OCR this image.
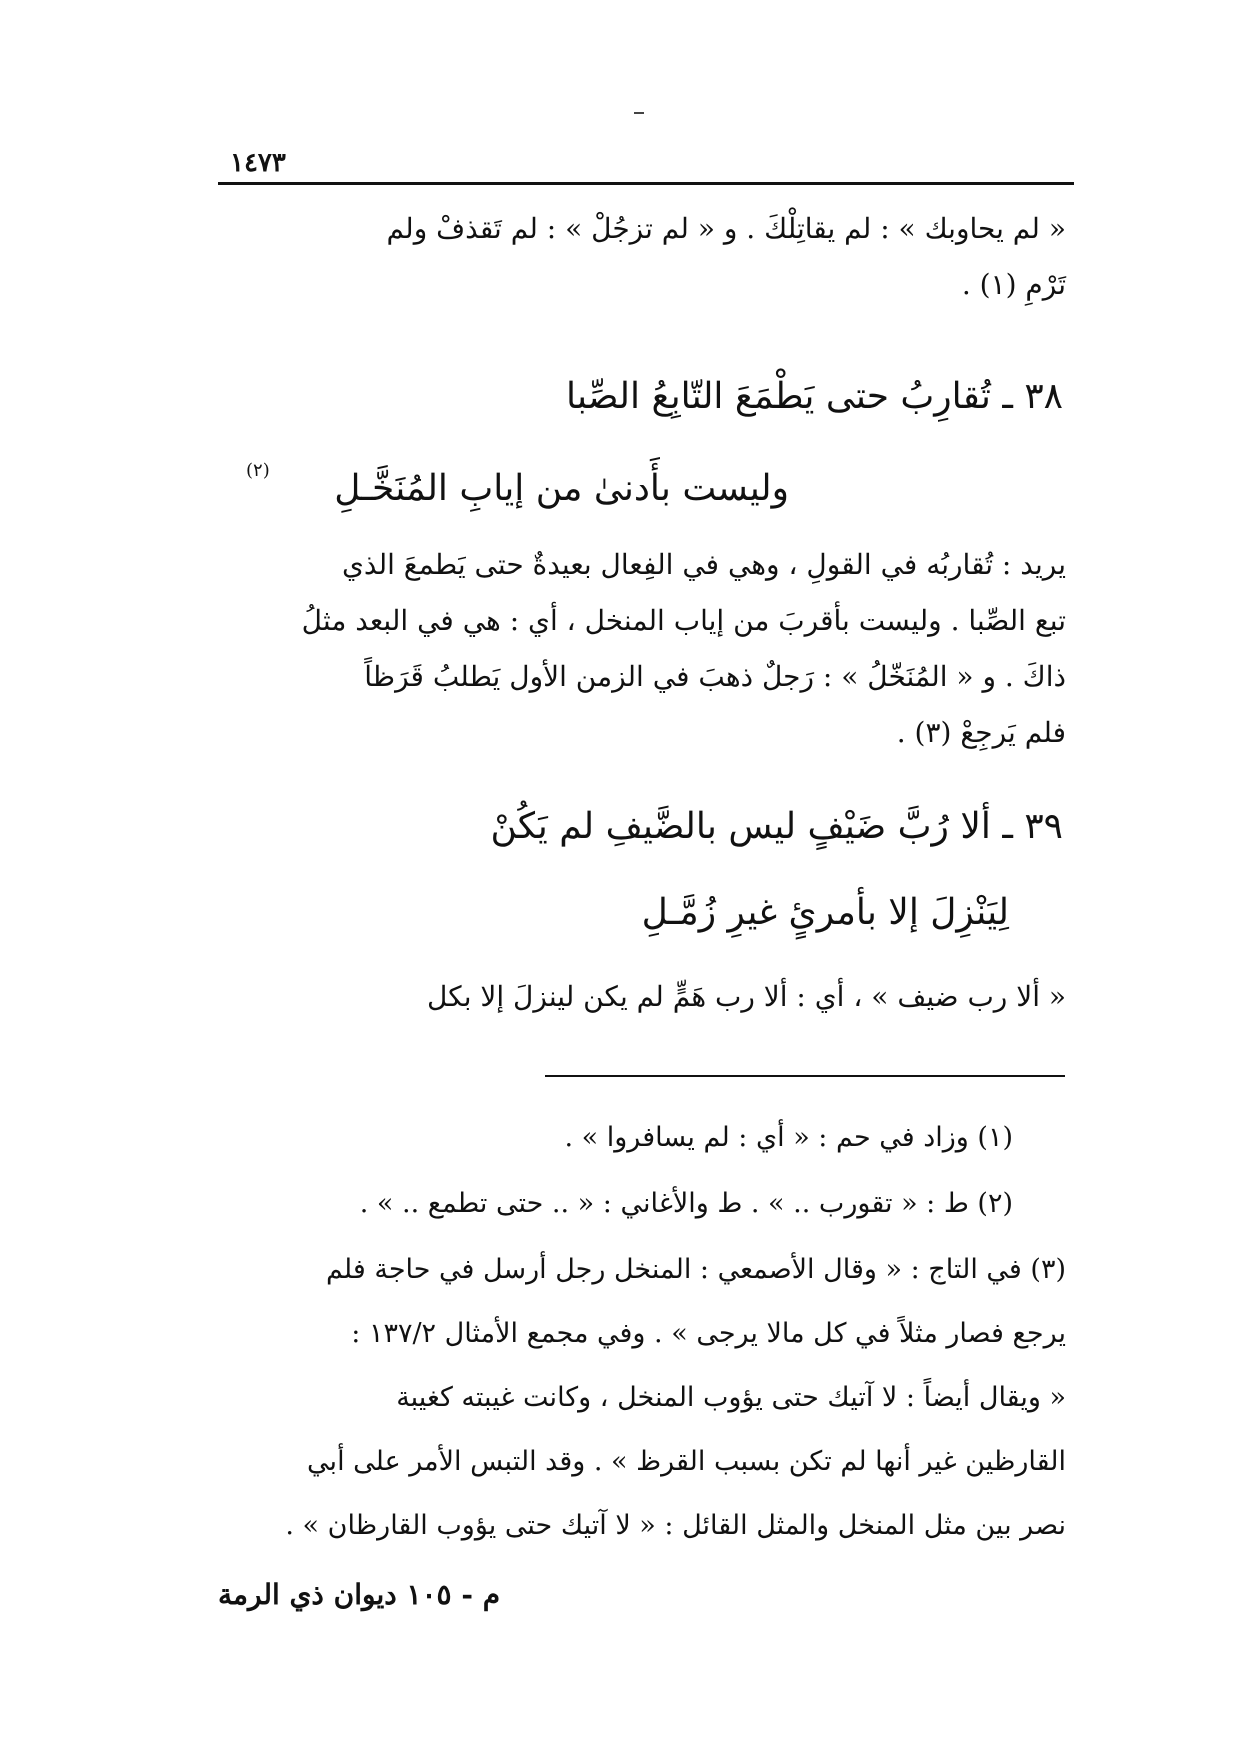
١٤٧٣
« لم يحاوبك » : لم يقاتِلْكَ . و « لم تزجُلْ » : لم تَقذفْ ولم
تَرْمِ (١) .
٣٨ ـ تُقارِبُ حتى يَطْمَعَ التّابِعُ الصِّبا
وليست بأَدنىٰ من إيابِ المُنَخَّـلِ
(٢)
يريد : تُقاربُه في القولِ ، وهي في الفِعال بعيدةٌ حتى يَطمعَ الذي
تبع الصِّبا . وليست بأقربَ من إياب المنخل ، أي : هي في البعد مثلُ
ذاكَ . و « المُنَخّلُ » : رَجلٌ ذهبَ في الزمن الأول يَطلبُ قَرَظاً
فلم يَرجِعْ (٣) .
٣٩ ـ ألا رُبَّ ضَيْفٍ ليس بالضَّيفِ لم يَكُنْ
لِيَنْزِلَ إلا بأمرئٍ غيرِ زُمَّـلِ
« ألا رب ضيف » ، أي : ألا رب هَمٍّ لم يكن لينزلَ إلا بكل
(١) وزاد في حم : « أي : لم يسافروا » .
(٢) ط : « تقورب .. » . ط والأغاني : « .. حتى تطمع .. » .
(٣) في التاج : « وقال الأصمعي : المنخل رجل أرسل في حاجة فلم
يرجع فصار مثلاً في كل مالا يرجى » . وفي مجمع الأمثال ١٣٧/٢ :
« ويقال أيضاً : لا آتيك حتى يؤوب المنخل ، وكانت غيبته كغيبة
القارظين غير أنها لم تكن بسبب القرظ » . وقد التبس الأمر على أبي
نصر بين مثل المنخل والمثل القائل : « لا آتيك حتى يؤوب القارظان » .
م - ١٠٥ ديوان ذي الرمة
